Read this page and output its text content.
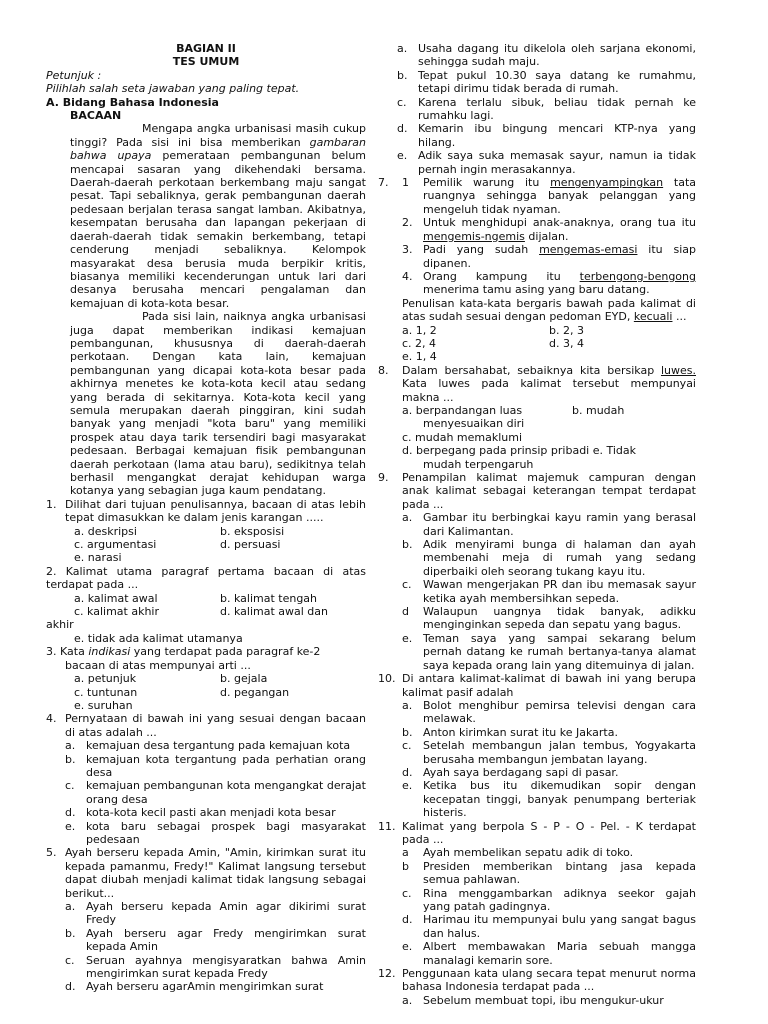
BAGIAN II

TES UMUM

Petunjuk :

Pilihlah salah seta jawaban yang paling tepat.

A. Bidang Bahasa Indonesia

BACAAN

Mengapa angka urbanisasi masih cukup tinggi? Pada sisi ini bisa memberikan gambaran bahwa upaya pemerataan pembangunan belum mencapai sasaran yang dikehendaki bersama. Daerah-daerah perkotaan berkembang maju sangat pesat. Tapi sebaliknya, gerak pembangunan daerah pedesaan berjalan terasa sangat lamban. Akibatnya, kesempatan berusaha dan lapangan pekerjaan di daerah-daerah tidak semakin berkembang, tetapi cenderung menjadi sebaliknya. Kelompok masyarakat desa berusia muda berpikir kritis, biasanya memiliki kecenderungan untuk lari dari desanya berusaha mencari pengalaman dan kemajuan di kota-kota besar.

Pada sisi lain, naiknya angka urbanisasi juga dapat memberikan indikasi kemajuan pembangunan, khususnya di daerah-daerah perkotaan. Dengan kata lain, kemajuan pembangunan yang dicapai kota-kota besar pada akhirnya menetes ke kota-kota kecil atau sedang yang berada di sekitarnya. Kota-kota kecil yang semula merupakan daerah pinggiran, kini sudah banyak yang menjadi "kota baru" yang memiliki prospek atau daya tarik tersendiri bagi masyarakat pedesaan. Berbagai kemajuan fisik pembangunan daerah perkotaan (lama atau baru), sedikitnya telah berhasil mengangkat derajat kehidupan warga kotanya yang sebagian juga kaum pendatang.

1. Dilihat dari tujuan penulisannya, bacaan di atas lebih tepat dimasukkan ke dalam jenis karangan .....
a. deskripsi	b. eksposisi
c. argumentasi	d. persuasi
e. narasi

2. Kalimat utama paragraf pertama bacaan di atas terdapat pada ...

a. kalimat awal	b. kalimat tengah
c. kalimat akhir	d. kalimat awal dan

akhir

e. tidak ada kalimat utamanya

3. Kata indikasi yang terdapat pada paragraf ke-2

bacaan di atas mempunyai arti ...

a. petunjuk	b. gejala
c. tuntunan	d. pegangan
e. suruhan
4. Pernyataan di bawah ini yang sesuai dengan bacaan di atas adalah ...
a. kemajuan desa tergantung pada kemajuan kota
b. kemajuan kota tergantung pada perhatian orang desa
c.	kemajuan pembangunan kota mengangkat derajat orang desa
d. kota-kota kecil pasti akan menjadi kota besar
e. kota baru sebagai prospek bagi masyarakat pedesaan
5. Ayah berseru kepada Amin, "Amin, kirimkan surat itu kepada pamanmu, Fredy!" Kalimat langsung tersebut dapat diubah menjadi kalimat tidak langsung sebagai berikut...
a. Ayah berseru kepada Amin agar dikirimi surat Fredy
b. Ayah berseru agar Fredy mengirimkan surat kepada Amin
c.	Seruan ayahnya mengisyaratkan bahwa Amin mengirimkan surat kepada Fredy
d. Ayah berseru agarAmin mengirimkan surat
a. Usaha dagang itu dikelola oleh sarjana ekonomi, sehingga sudah maju.
b. Tepat pukul 10.30 saya datang ke rumahmu, tetapi dirimu tidak berada di rumah.
c.	Karena terlalu sibuk, beliau tidak pernah ke rumahku lagi.
d. Kemarin ibu bingung mencari KTP-nya yang hilang.
e. Adik saya suka memasak sayur, namun ia tidak pernah ingin merasakannya.
7.	1	Pemilik warung itu mengenyampingkan tata ruangnya sehingga banyak pelanggan yang mengeluh tidak nyaman.
2. Untuk menghidupi anak-anaknya, orang tua itu mengemis-ngemis dijalan.
3. Padi yang sudah mengemas-emasi itu siap dipanen.
4. Orang kampung itu terbengong-bengong menerima tamu asing yang baru datang.

Penulisan kata-kata bergaris bawah pada kalimat di atas sudah sesuai dengan pedoman EYD, kecuali ...

a. 1, 2	b. 2, 3
c. 2, 4	d. 3, 4
e. 1, 4
8.	Dalam bersahabat, sebaiknya kita bersikap luwes. Kata luwes pada kalimat tersebut mempunyai makna ...

a. berpandangan luas	b. mudah

menyesuaikan diri

c. mudah memaklumi

d. berpegang pada prinsip pribadi e. Tidak

mudah terpengaruh

9.	Penampilan kalimat majemuk campuran dengan anak kalimat sebagai keterangan tempat terdapat pada ...
a. Gambar itu berbingkai kayu ramin yang berasal dari Kalimantan.
b. Adik menyirami bunga di halaman dan ayah membenahi meja di rumah yang sedang diperbaiki oleh seorang tukang kayu itu.
c.	Wawan mengerjakan PR dan ibu memasak sayur ketika ayah membersihkan sepeda.
d	Walaupun uangnya tidak banyak, adikku menginginkan sepeda dan sepatu yang bagus.
e. Teman saya yang sampai sekarang belum pernah datang ke rumah bertanya-tanya alamat saya kepada orang lain yang ditemuinya di jalan.
10. Di antara kalimat-kalimat di bawah ini yang berupa kalimat pasif adalah
a. Bolot menghibur pemirsa televisi dengan cara melawak.
b. Anton kirimkan surat itu ke Jakarta.
c.	Setelah membangun jalan tembus, Yogyakarta berusaha membangun jembatan layang.
d. Ayah saya berdagang sapi di pasar.
e. Ketika bus itu dikemudikan sopir dengan kecepatan tinggi, banyak penumpang berteriak histeris.
11. Kalimat yang berpola S - P - O - Pel. - K terdapat pada ...
a	Ayah membelikan sepatu adik di toko.
b	Presiden memberikan bintang jasa kepada semua pahlawan.
c.	Rina menggambarkan adiknya seekor gajah yang patah gadingnya.
d. Harimau itu mempunyai bulu yang sangat bagus dan halus.
e. Albert membawakan Maria sebuah mangga manalagi kemarin sore.
12. Penggunaan kata ulang secara tepat menurut norma bahasa Indonesia terdapat pada ...
a. Sebelum membuat topi, ibu mengukur-ukur
